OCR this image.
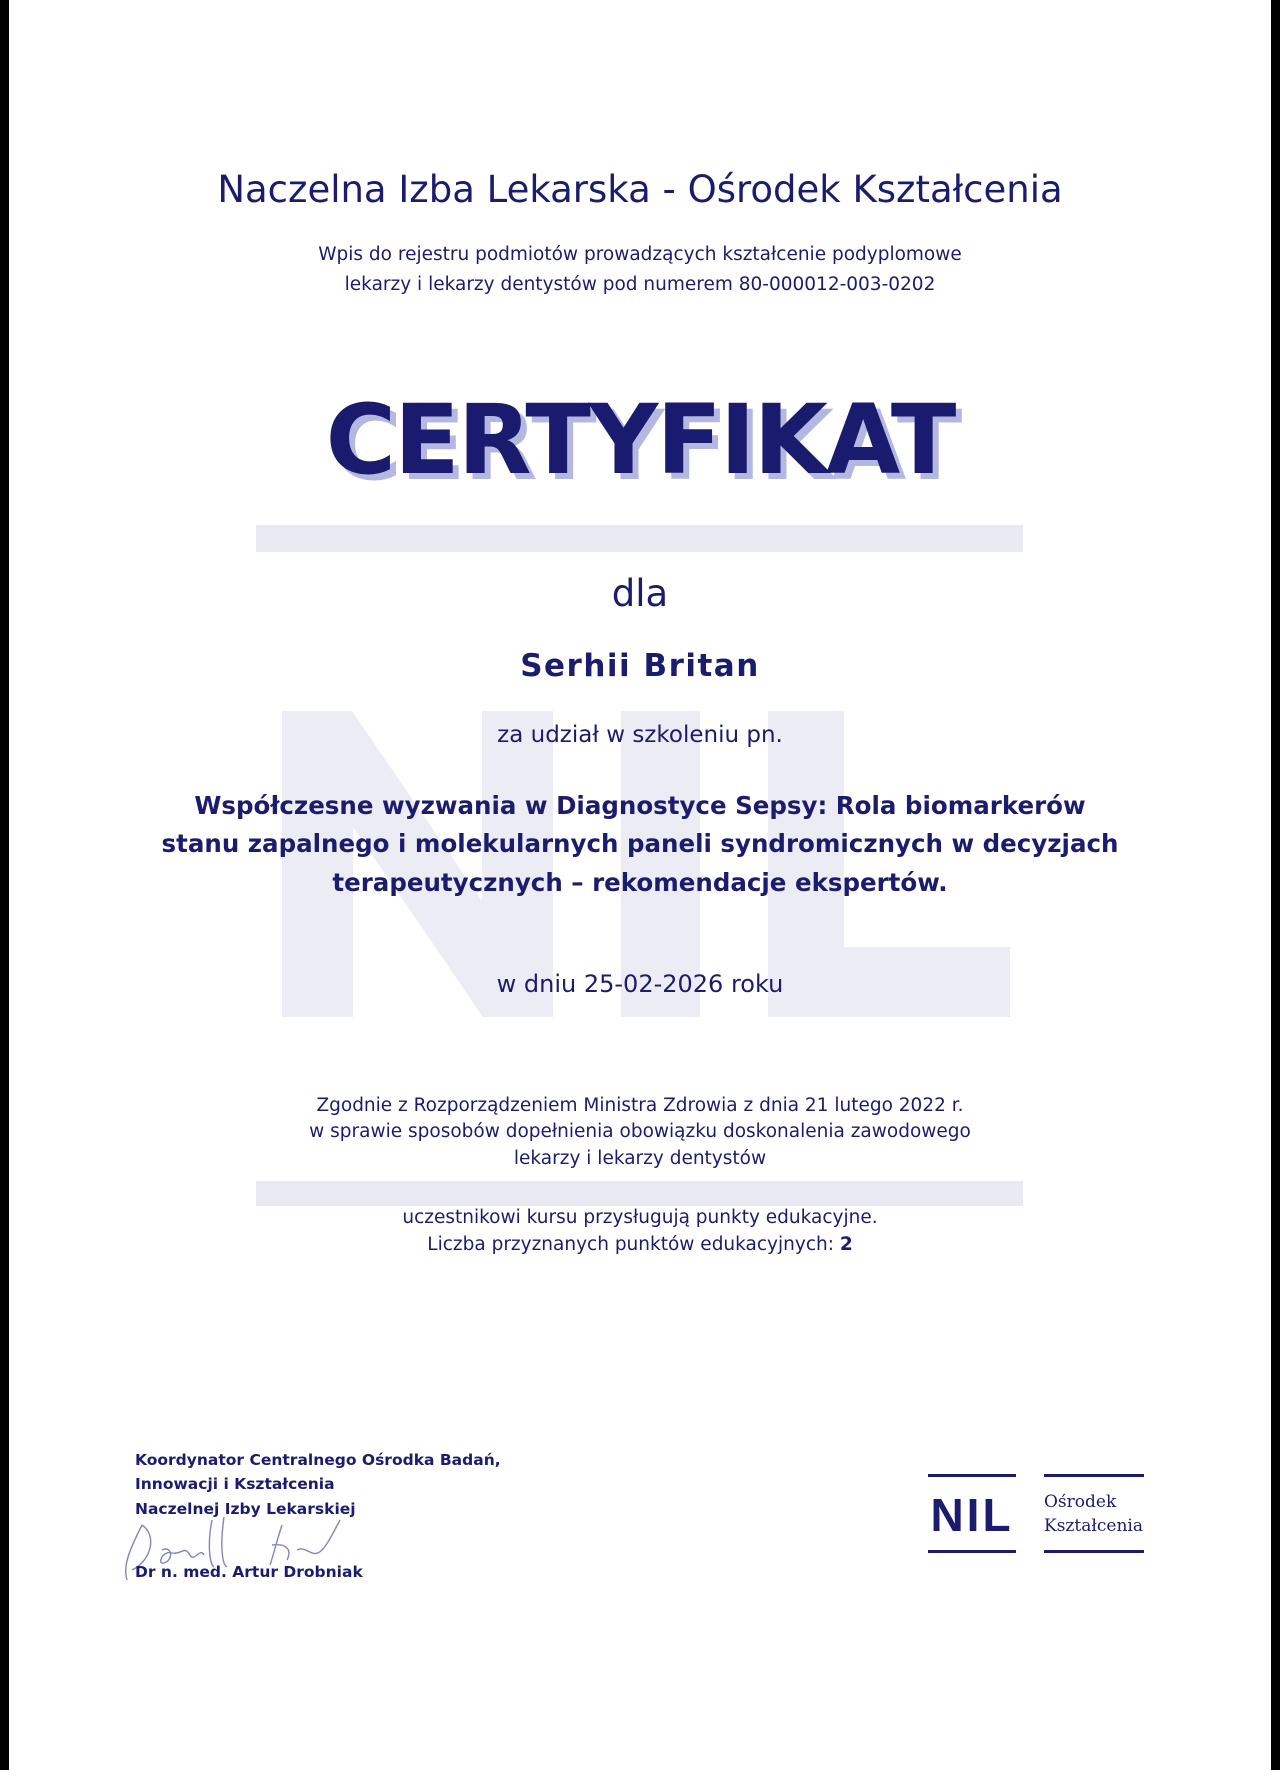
Naczelna Izba Lekarska - Ośrodek Kształcenia
Wpis do rejestru podmiotów prowadzących kształcenie podyplomowe
lekarzy i lekarzy dentystów pod numerem 80-000012-003-0202
CERTYFIKAT
dla
Serhii Britan
za udział w szkoleniu pn.
Współczesne wyzwania w Diagnostyce Sepsy: Rola biomarkerów
stanu zapalnego i molekularnych paneli syndromicznych w decyzjach
terapeutycznych – rekomendacje ekspertów.
w dniu 25-02-2026 roku
Zgodnie z Rozporządzeniem Ministra Zdrowia z dnia 21 lutego 2022 r.
w sprawie sposobów dopełnienia obowiązku doskonalenia zawodowego
lekarzy i lekarzy dentystów
uczestnikowi kursu przysługują punkty edukacyjne.
Liczba przyznanych punktów edukacyjnych: 2
Koordynator Centralnego Ośrodka Badań,
Innowacji i Kształcenia
Naczelnej Izby Lekarskiej
Dr n. med. Artur Drobniak
NIL Ośrodek
Kształcenia
